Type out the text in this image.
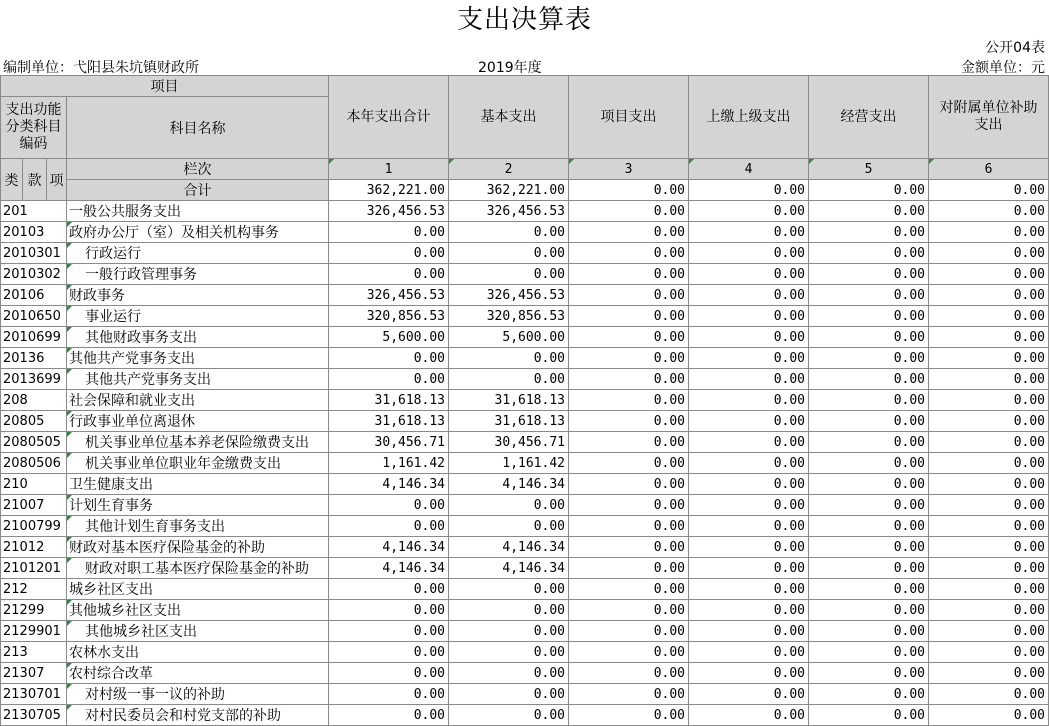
支出决算表
公开04表
编制单位：弋阳县朱坑镇财政所	2019年度	金额单位：元
项目				本年支出合计	基本支出	项目支出	上缴上级支出	经营支出	对附属单位补助支出
支出功能分类科目编码			科目名称						
类	款	项	栏次	1	2	3	4	5	6
			合计	362,221.00	362,221.00	0.00	0.00	0.00	0.00
201			一般公共服务支出	326,456.53	326,456.53	0.00	0.00	0.00	0.00
20103			政府办公厅（室）及相关机构事务	0.00	0.00	0.00	0.00	0.00	0.00
2010301			行政运行	0.00	0.00	0.00	0.00	0.00	0.00
2010302			一般行政管理事务	0.00	0.00	0.00	0.00	0.00	0.00
20106			财政事务	326,456.53	326,456.53	0.00	0.00	0.00	0.00
2010650			事业运行	320,856.53	320,856.53	0.00	0.00	0.00	0.00
2010699			其他财政事务支出	5,600.00	5,600.00	0.00	0.00	0.00	0.00
20136			其他共产党事务支出	0.00	0.00	0.00	0.00	0.00	0.00
2013699			其他共产党事务支出	0.00	0.00	0.00	0.00	0.00	0.00
208			社会保障和就业支出	31,618.13	31,618.13	0.00	0.00	0.00	0.00
20805			行政事业单位离退休	31,618.13	31,618.13	0.00	0.00	0.00	0.00
2080505			机关事业单位基本养老保险缴费支出	30,456.71	30,456.71	0.00	0.00	0.00	0.00
2080506			机关事业单位职业年金缴费支出	1,161.42	1,161.42	0.00	0.00	0.00	0.00
210			卫生健康支出	4,146.34	4,146.34	0.00	0.00	0.00	0.00
21007			计划生育事务	0.00	0.00	0.00	0.00	0.00	0.00
2100799			其他计划生育事务支出	0.00	0.00	0.00	0.00	0.00	0.00
21012			财政对基本医疗保险基金的补助	4,146.34	4,146.34	0.00	0.00	0.00	0.00
2101201			财政对职工基本医疗保险基金的补助	4,146.34	4,146.34	0.00	0.00	0.00	0.00
212			城乡社区支出	0.00	0.00	0.00	0.00	0.00	0.00
21299			其他城乡社区支出	0.00	0.00	0.00	0.00	0.00	0.00
2129901			其他城乡社区支出	0.00	0.00	0.00	0.00	0.00	0.00
213			农林水支出	0.00	0.00	0.00	0.00	0.00	0.00
21307			农村综合改革	0.00	0.00	0.00	0.00	0.00	0.00
2130701			对村级一事一议的补助	0.00	0.00	0.00	0.00	0.00	0.00
2130705			对村民委员会和村党支部的补助	0.00	0.00	0.00	0.00	0.00	0.00
